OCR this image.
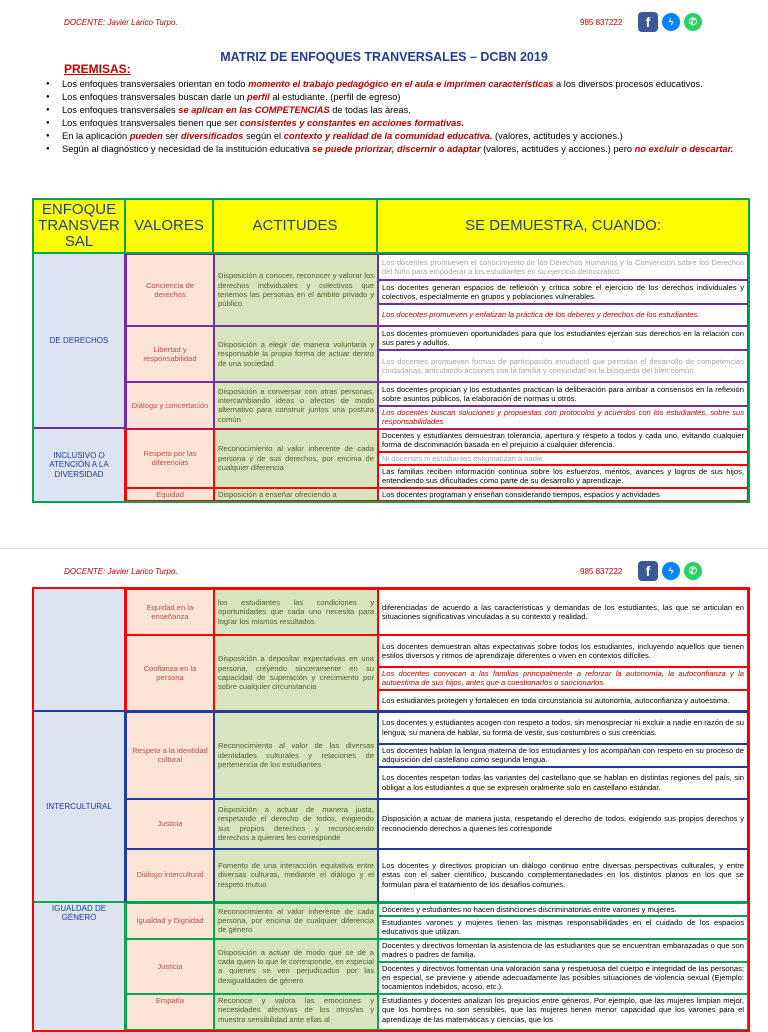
DOCENTE: Javier Larico Turpo.	985 837222	f	ϟ	✆
MATRIZ DE ENFOQUES TRANVERSALES – DCBN 2019
PREMISAS:
● Los enfoques transversales orientan en todo momento el trabajo pedagógico en el aula e imprimen características a los diversos procesos educativos.
● Los enfoques transversales buscan darle un perfil al estudiante. (perfil de egreso)
● Los enfoques transversales se aplican en las COMPETENCIAS de todas las áreas.
● Los enfoques transversales tienen que ser consistentes y constantes en acciones formativas.
● En la aplicación pueden ser diversificados según el contexto y realidad de la comunidad educativa. (valores, actitudes y acciones.)
● Según al diagnóstico y necesidad de la institución educativa se puede priorizar, discernir o adaptar (valores, actitudes y acciones.) pero no excluir o descartar.
ENFOQUE TRANSVER SAL	VALORES	ACTITUDES	SE DEMUESTRA, CUANDO:
DE DERECHOS	Conciencia de derechos	Disposición a conocer, reconocer y valorar los derechos individuales y colectivos que tenemos las personas en el ámbito privado y público	Los docentes promueven el conocimiento de los Derechos Humanos y la Convención sobre los Derechos del Niño para empoderar a los estudiantes en su ejercicio democrático.
			Los docentes generan espacios de reflexión y crítica sobre el ejercicio de los derechos individuales y colectivos, especialmente en grupos y poblaciones vulnerables.
			Los docentes promueven y enfatizan la práctica de los deberes y derechos de los estudiantes.
	Libertad y responsabilidad	Disposición a elegir de manera voluntaria y responsable la propia forma de actuar dentro de una sociedad	Los docentes promueven oportunidades para que los estudiantes ejerzan sus derechos en la relación con sus pares y adultos.
			Los docentes promueven formas de participación estudiantil que permitan el desarrollo de competencias ciudadanas, articulando acciones con la familia y comunidad en la búsqueda del bien común.
	Diálogo y concertación	Disposición a conversar con otras personas, intercambiando ideas o afectos de modo alternativo para construir juntos una postura común	Los docentes propician y los estudiantes practican la deliberación para arribar a consensos en la reflexión sobre asuntos públicos, la elaboración de normas u otros.
			Los docentes buscan soluciones y propuestas con protocolos y acuerdos con los estudiantes, sobre sus responsabilidades

INCLUSIVO O ATENCIÓN A LA DIVERSIDAD	Respeto por las diferencias	Reconocimiento al valor inherente de cada persona y de sus derechos, por encima de cualquier diferencia	Docentes y estudiantes demuestran tolerancia, apertura y respeto a todos y cada uno, evitando cualquier forma de discriminación basada en el prejuicio a cualquier diferencia.
			Ni docentes ni estudiantes estigmatizan a nadie.
			Las familias reciben información continua sobre los esfuerzos, méritos, avances y logros de sus hijos, entendiendo sus dificultades como parte de su desarrollo y aprendizaje.
	Equidad	Disposición a enseñar ofreciendo a	Los docentes programan y enseñan considerando tiempos, espacios y actividades
DOCENTE: Javier Larico Turpo.	985 837222	f	ϟ	✆
	Equidad en la enseñanza	los estudiantes las condiciones y oportunidades que cada uno necesita para lograr los mismos resultados	diferenciadas de acuerdo a las características y demandas de los estudiantes, las que se articulan en situaciones significativas vinculadas a su contexto y realidad.
	Confianza en la persona	Disposición a depositar expectativas en una persona, creyendo sinceramente en su capacidad de superación y crecimiento por sobre cualquier circunstancia	Los docentes demuestran altas expectativas sobre todos los estudiantes, incluyendo aquellos que tienen estilos diversos y ritmos de aprendizaje diferentes o viven en contextos difíciles.
			Los docentes convocan a las familias principalmente a reforzar la autonomía, la autoconfianza y la autoestima de sus hijos, antes que a cuestionarlos o sancionarlos.
			Los estudiantes protegen y fortalecen en toda circunstancia su autonomía, autoconfianza y autoestima.
INTERCULTURAL	Respeto a la identidad cultural	Reconocimiento al valor de las diversas identidades culturales y relaciones de pertenencia de los estudiantes	Los docentes y estudiantes acogen con respeto a todos, sin menospreciar ni excluir a nadie en razón de su lengua, su manera de hablar, su forma de vestir, sus costumbres o sus creencias.
			Los docentes hablan la lengua materna de los estudiantes y los acompañan con respeto en su proceso de adquisición del castellano como segunda lengua.
			Los docentes respetan todas las variantes del castellano que se hablan en distintas regiones del país, sin obligar a los estudiantes a que se expresen oralmente solo en castellano estándar.
	Justicia	Disposición a actuar de manera justa, respetando el derecho de todos, exigiendo sus propios derechos y reconociendo derechos a quienes les corresponde	Disposición a actuar de manera justa, respetando el derecho de todos, exigiendo sus propios derechos y reconociendo derechos a quienes les corresponde
	Diálogo intercultural	Fomento de una interacción equitativa entre diversas culturas, mediante el diálogo y el respeto mutuo	Los docentes y directivos propician un diálogo continuo entre diversas perspectivas culturales, y entre estas con el saber científico, buscando complementariedades en los distintos planos en los que se formulan para el tratamiento de los desafíos comunes.
IGUALDAD DE GÉNERO	Igualdad y Dignidad	Reconocimiento al valor inherente de cada persona, por encima de cualquier diferencia de género	Docentes y estudiantes no hacen distinciones discriminatorias entre varones y mujeres.
			Estudiantes varones y mujeres tienen las mismas responsabilidades en el cuidado de los espacios educativos que utilizan.
	Justicia	Disposición a actuar de modo que se dé a cada quien lo que le corresponde, en especial a quienes se ven perjudicados por las desigualdades de género	Docentes y directivos fomentan la asistencia de las estudiantes que se encuentran embarazadas o que son madres o padres de familia.
			Docentes y directivos fomentan una valoración sana y respetuosa del cuerpo e integridad de las personas; en especial, se previene y atiende adecuadamente las posibles situaciones de violencia sexual (Ejemplo: tocamientos indebidos, acoso, etc.).
	Empatía	Reconoce y valora las emociones y necesidades afectivas de los otros/as y muestra sensibilidad ante ellas al	Estudiantes y docentes analizan los prejuicios entre géneros. Por ejemplo, que las mujeres limpian mejor, que los hombres no son sensibles, que las mujeres tienen menor capacidad que los varones para el aprendizaje de las matemáticas y ciencias, que los
